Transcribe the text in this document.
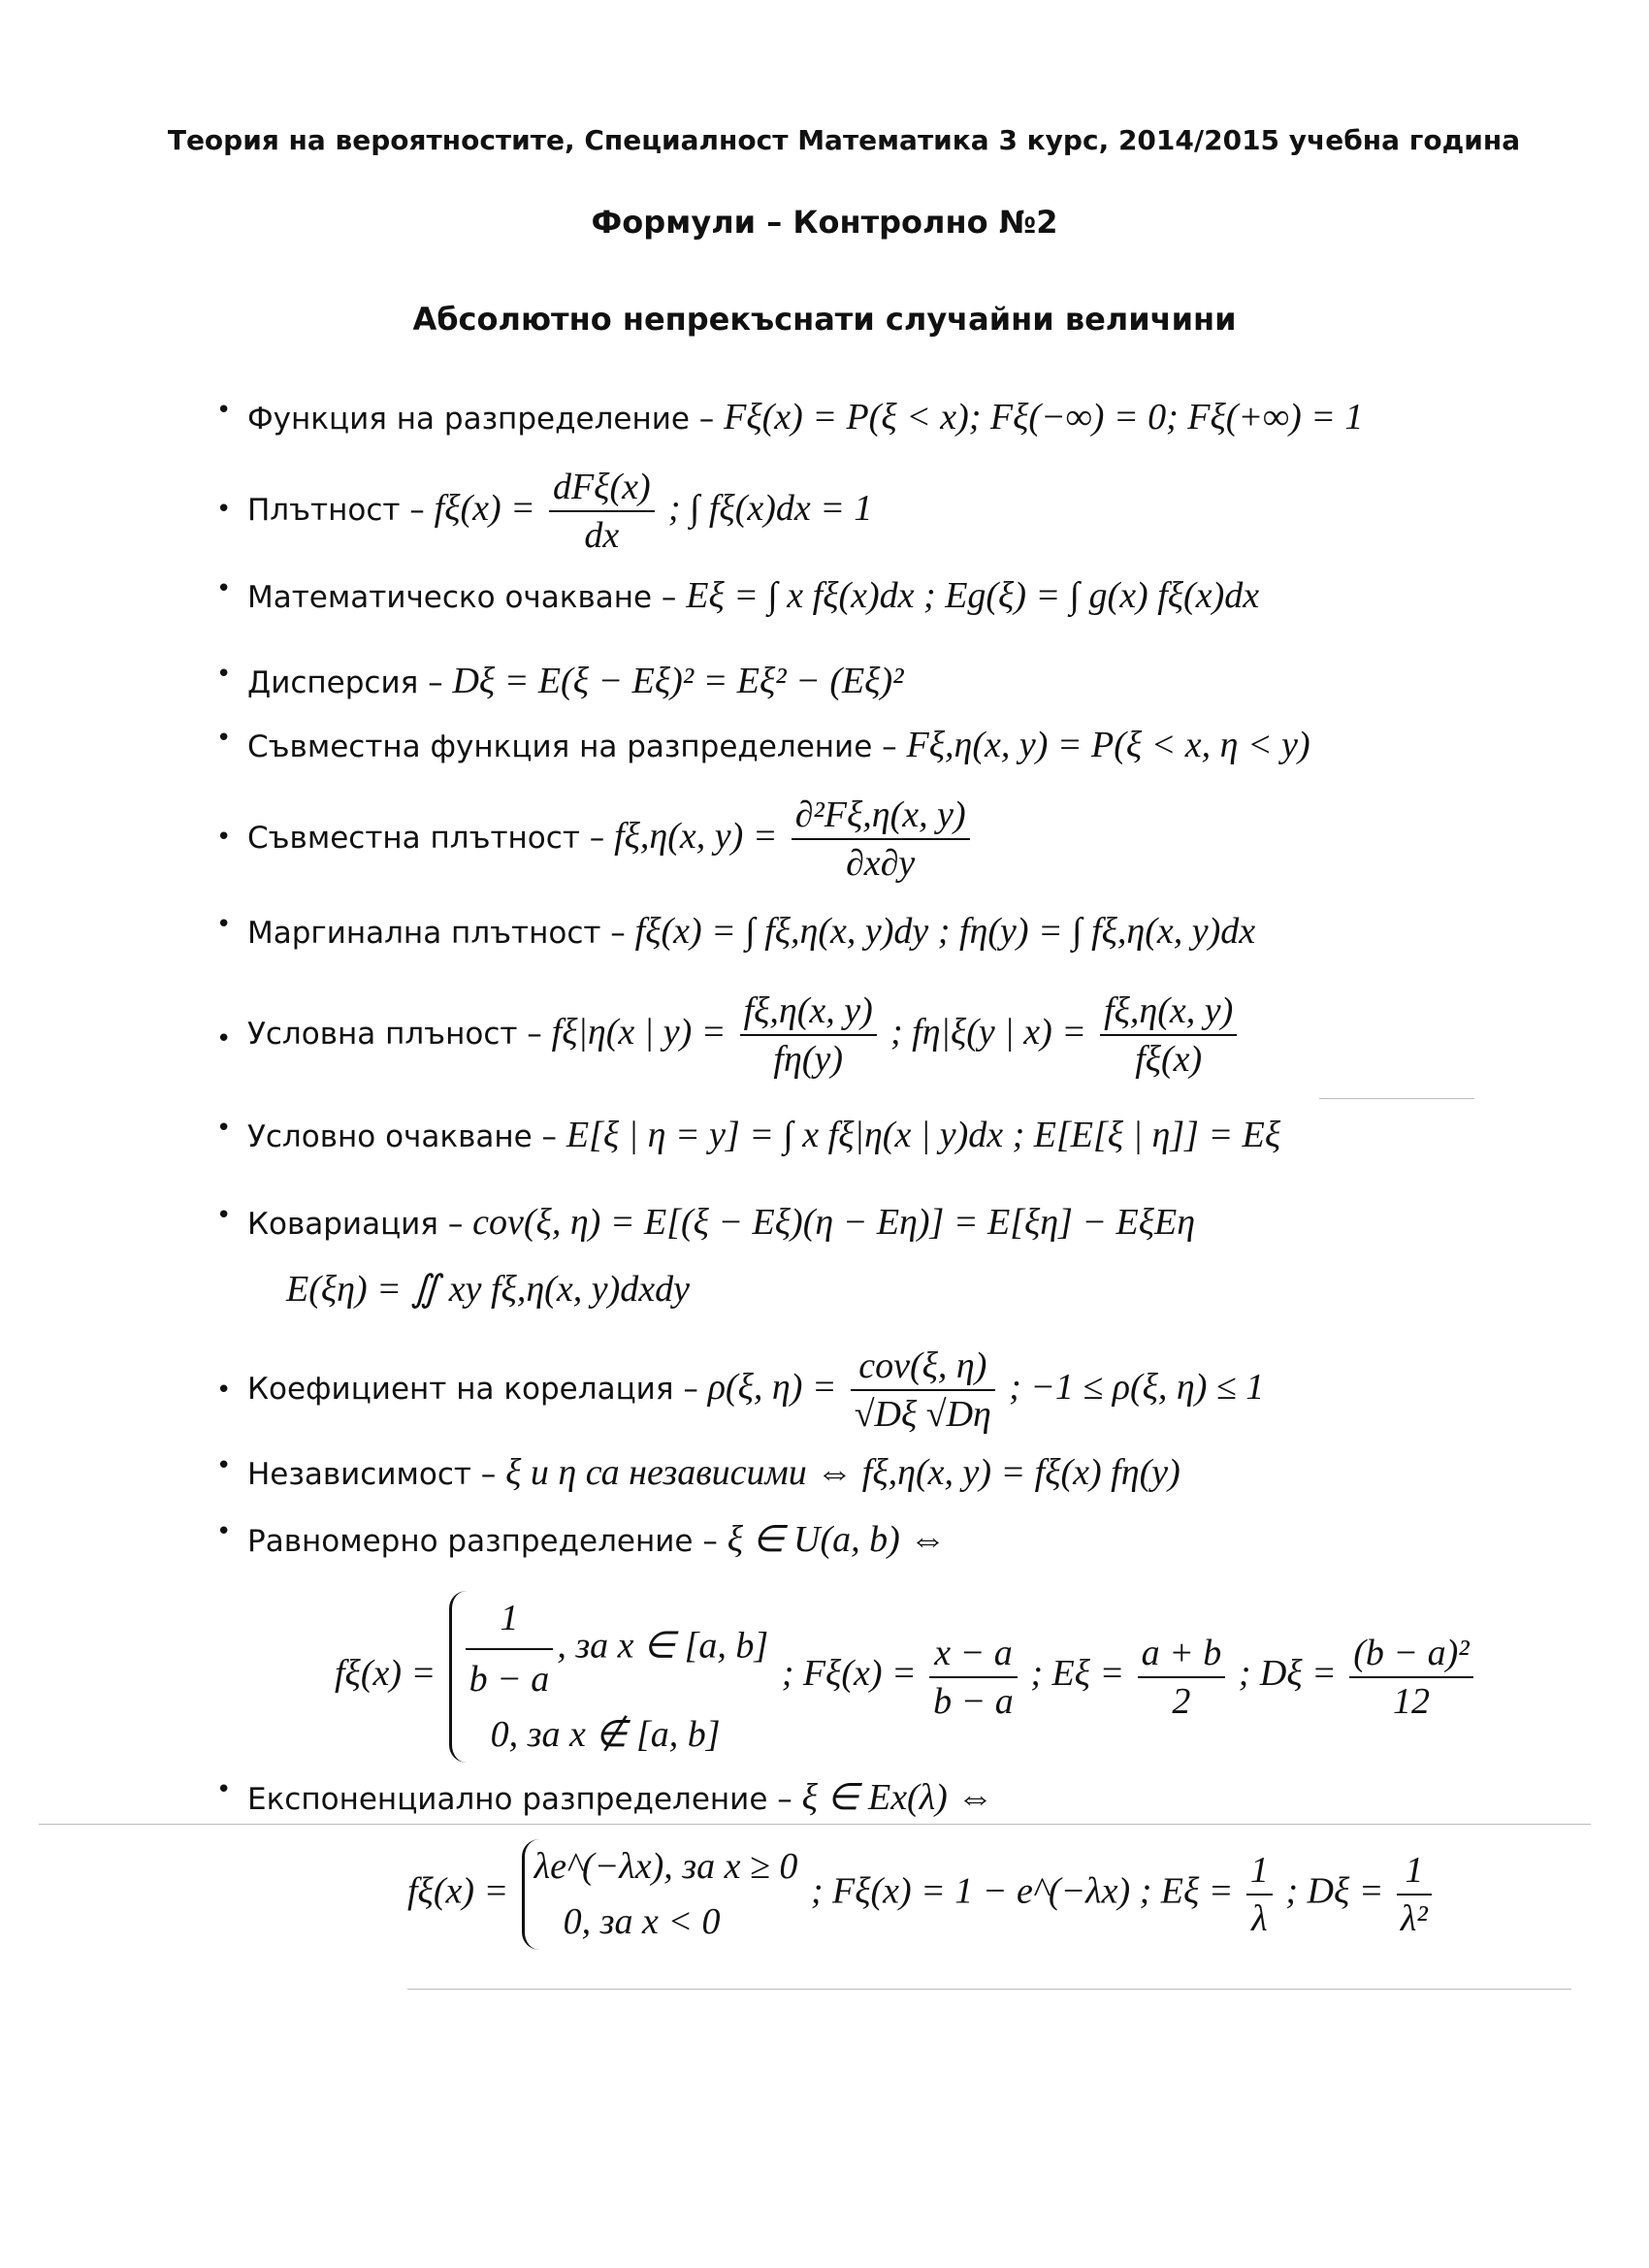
Теория на вероятностите, Специалност Математика 3 курс, 2014/2015 учебна година
Формули – Контролно №2
Абсолютно непрекъснати случайни величини
• Функция на разпределение – Fξ(x) = P(ξ < x); Fξ(−∞) = 0; Fξ(+∞) = 1
• Плътност – $f\xi(x) = \frac{\text{dFξ(x)}}{dx}$ ; ∫ fξ(x)dx = 1
• Математическо очакване – Eξ = ∫ x fξ(x)dx ; Eg(ξ) = ∫ g(x) fξ(x)dx
• Дисперсия – Dξ = E(ξ − Eξ)² = Eξ² − (Eξ)²
• Съвместна функция на разпределение – Fξ,η(x, y) = P(ξ < x, η < y)
• Съвместна плътност – fξ,η(x, $y) = \frac{\text{∂²Fξ,η(x, y)}}{\partial x\partial y}$
• Маргинална плътност – fξ(x) = ∫ fξ,η(x, y)dy ; fη(y) = ∫ fξ,η(x, y)dx
• Условна плъност – fξ|η(x | $y) = \frac{f\xi,\eta(x, y)}{f\eta(y)}$ ; fη|ξ(y | $x) = \frac{f\xi,\eta(x, y)}{f\xi(x)}$
• Условно очакване – E[ξ | η = y] = ∫ x fξ|η(x | y)dx ; E[E[ξ | η]] = Eξ
• Ковариация – cov(ξ, η) = E[(ξ − Eξ)(η − Eη)] = E[ξη] − EξEη
E(ξη) = ∬ xy fξ,η(x, y)dxdy
• Коефициент на корелация – ρ(ξ, $\eta) = \frac{\text{cov(ξ, η)}}{√D\xi √D\eta}$ ; −1 ≤ ρ(ξ, η) ≤ 1
• Независимост – ξ и η са независими ⇔ fξ,η(x, y) = fξ(x) fη(y)
• Равномерно разпределение – ξ ∈ U(a, b) ⇔
$f\xi(x) = \frac{1}{b - a}$ , за x ∈ [a, b]
0, за x ∉ [a, b]
; $F\xi(x) = \frac{x - a}{b - a}$ ; $E\xi = \frac{a + b}{2}$ ; $D\xi = \frac{\text{(b − a)²}}{12}$
• Експоненциално разпределение – ξ ∈ Ex(λ) ⇔
fξ(x) =
λe^(−λx), за x ≥ 0
0, за x < 0
; Fξ(x) = 1 − e^(−λx) ; $E\xi = \frac{1}{\lambda}$ ; $D\xi = \frac{1}{\text{λ²}}$
